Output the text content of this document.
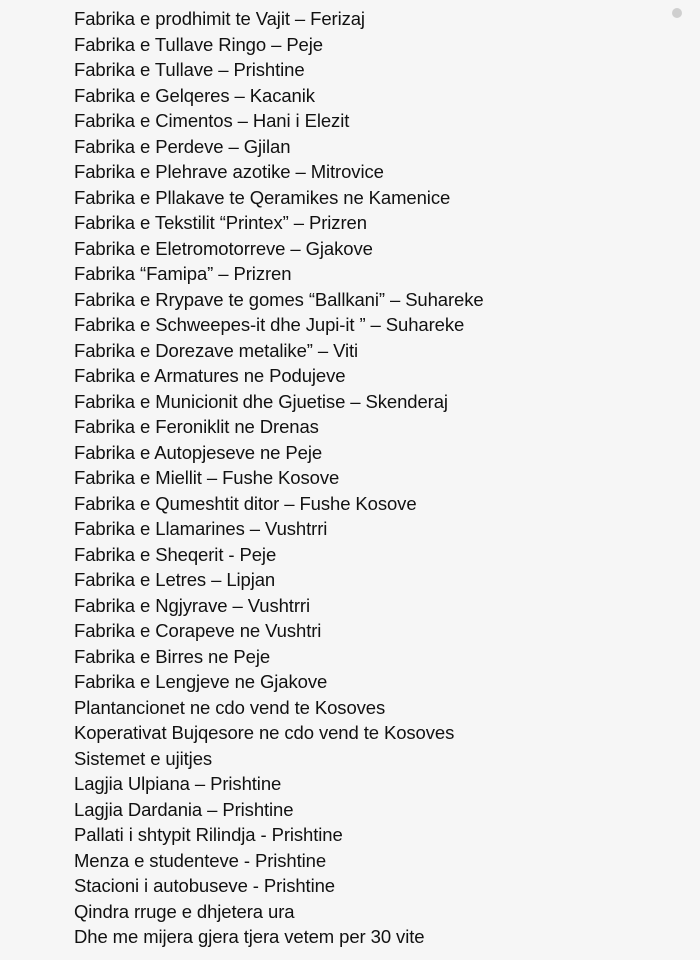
Fabrika e prodhimit te Vajit – Ferizaj
Fabrika e Tullave Ringo – Peje
Fabrika e Tullave – Prishtine
Fabrika e Gelqeres – Kacanik
Fabrika e Cimentos – Hani i Elezit
Fabrika e Perdeve – Gjilan
Fabrika e Plehrave azotike – Mitrovice
Fabrika e Pllakave te Qeramikes ne Kamenice
Fabrika e Tekstilit “Printex” – Prizren
Fabrika e Eletromotorreve – Gjakove
Fabrika “Famipa” – Prizren
Fabrika e Rrypave te gomes “Ballkani” – Suhareke
Fabrika e Schweepes-it dhe Jupi-it ” – Suhareke
Fabrika e Dorezave metalike” – Viti
Fabrika e Armatures ne Podujeve
Fabrika e Municionit dhe Gjuetise – Skenderaj
Fabrika e Feroniklit ne Drenas
Fabrika e Autopjeseve ne Peje
Fabrika e Miellit – Fushe Kosove
Fabrika e Qumeshtit ditor – Fushe Kosove
Fabrika e Llamarines – Vushtrri
Fabrika e Sheqerit - Peje
Fabrika e Letres – Lipjan
Fabrika e Ngjyrave – Vushtrri
Fabrika e Corapeve ne Vushtri
Fabrika e Birres ne Peje
Fabrika e Lengjeve ne Gjakove
Plantancionet ne cdo vend te Kosoves
Koperativat Bujqesore ne cdo vend te Kosoves
Sistemet e ujitjes
Lagjia Ulpiana – Prishtine
Lagjia Dardania – Prishtine
Pallati i shtypit Rilindja - Prishtine
Menza e studenteve - Prishtine
Stacioni i autobuseve - Prishtine
Qindra rruge e dhjetera ura
Dhe me mijera gjera tjera vetem per 30 vite
